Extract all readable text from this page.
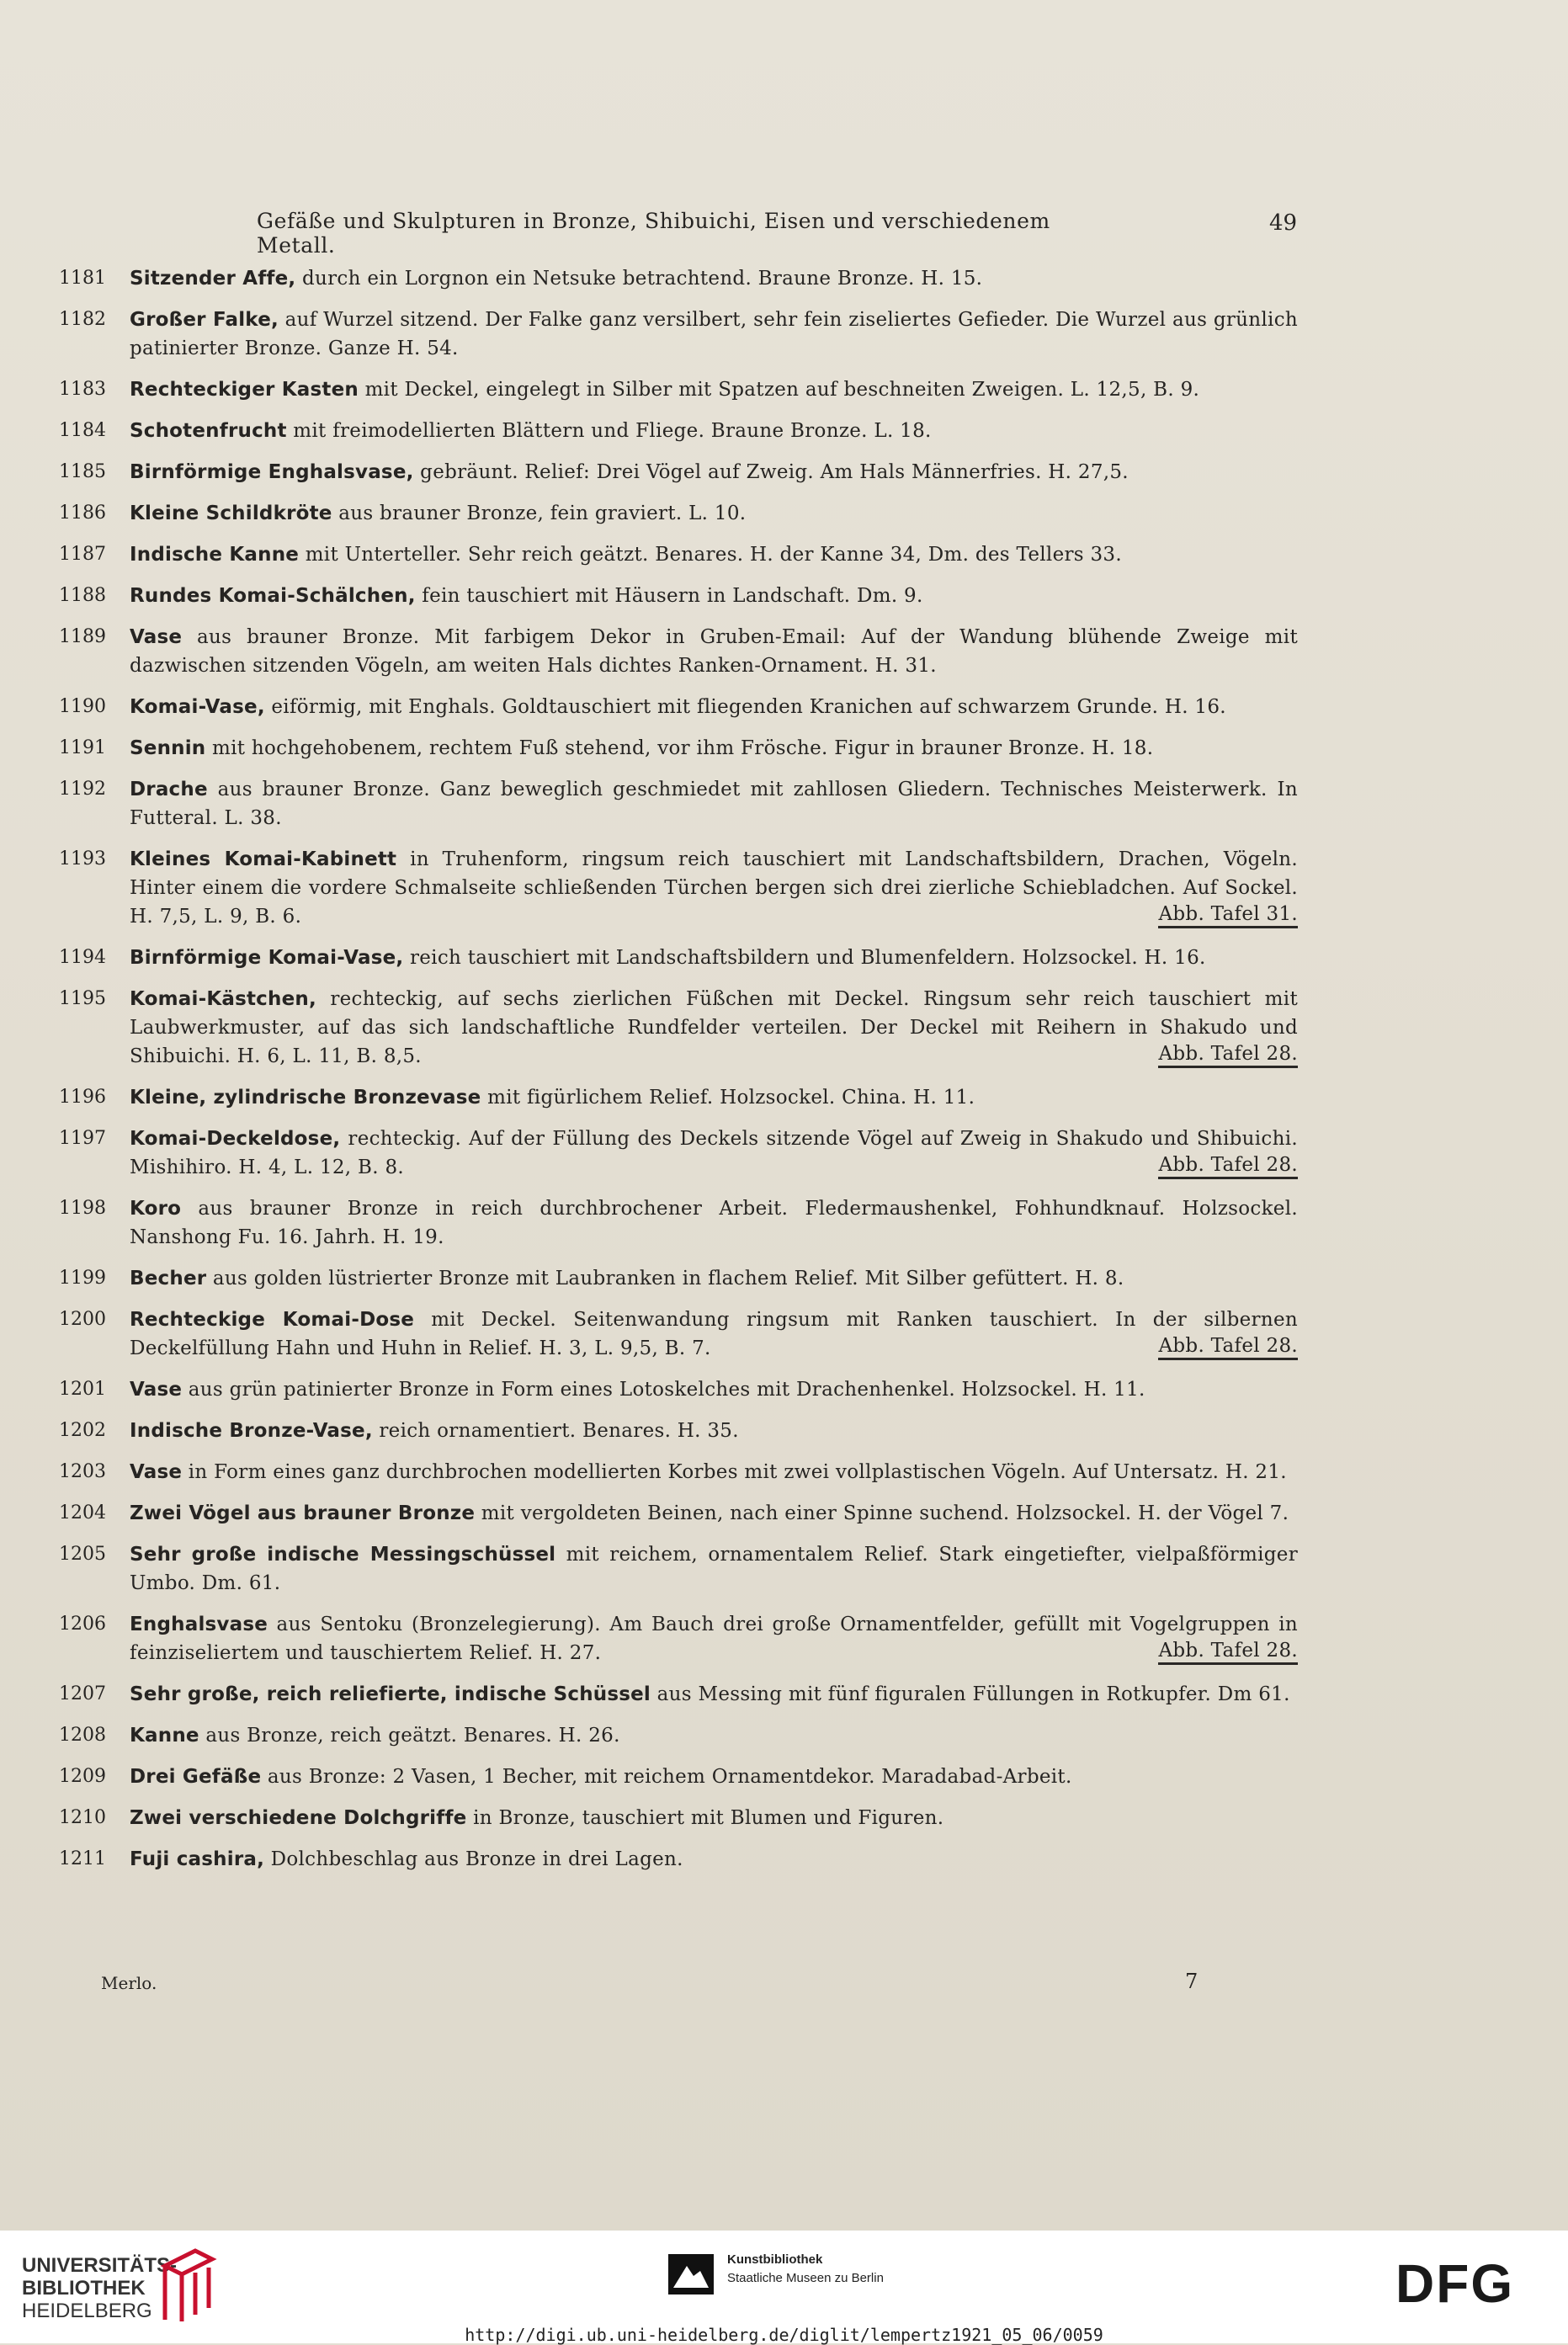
Gefäße und Skulpturen in Bronze, Shibuichi, Eisen und verschiedenem Metall.
49
1181	Sitzender Affe, durch ein Lorgnon ein Netsuke betrachtend. Braune Bronze. H. 15.
1182	Großer Falke, auf Wurzel sitzend. Der Falke ganz versilbert, sehr fein ziseliertes Gefieder. Die Wurzel aus grünlich patinierter Bronze. Ganze H. 54.
1183	Rechteckiger Kasten mit Deckel, eingelegt in Silber mit Spatzen auf beschneiten Zweigen. L. 12,5, B. 9.
1184	Schotenfrucht mit freimodellierten Blättern und Fliege. Braune Bronze. L. 18.
1185	Birnförmige Enghalsvase, gebräunt. Relief: Drei Vögel auf Zweig. Am Hals Männerfries. H. 27,5.
1186	Kleine Schildkröte aus brauner Bronze, fein graviert. L. 10.
1187	Indische Kanne mit Unterteller. Sehr reich geätzt. Benares. H. der Kanne 34, Dm. des Tellers 33.
1188	Rundes Komai-Schälchen, fein tauschiert mit Häusern in Landschaft. Dm. 9.
1189	Vase aus brauner Bronze. Mit farbigem Dekor in Gruben-Email: Auf der Wandung blühende Zweige mit dazwischen sitzenden Vögeln, am weiten Hals dichtes Ranken-Ornament. H. 31.
1190	Komai-Vase, eiförmig, mit Enghals. Goldtauschiert mit fliegenden Kranichen auf schwarzem Grunde. H. 16.
1191	Sennin mit hochgehobenem, rechtem Fuß stehend, vor ihm Frösche. Figur in brauner Bronze. H. 18.
1192	Drache aus brauner Bronze. Ganz beweglich geschmiedet mit zahllosen Gliedern. Technisches Meisterwerk. In Futteral. L. 38.
1193	Kleines Komai-Kabinett in Truhenform, ringsum reich tauschiert mit Landschaftsbildern, Drachen, Vögeln. Hinter einem die vordere Schmalseite schließenden Türchen bergen sich drei zierliche Schiebladchen. Auf Sockel. H. 7,5, L. 9, B. 6.	Abb. Tafel 31.
1194	Birnförmige Komai-Vase, reich tauschiert mit Landschaftsbildern und Blumenfeldern. Holzsockel. H. 16.
1195	Komai-Kästchen, rechteckig, auf sechs zierlichen Füßchen mit Deckel. Ringsum sehr reich tauschiert mit Laubwerkmuster, auf das sich landschaftliche Rundfelder verteilen. Der Deckel mit Reihern in Shakudo und Shibuichi. H. 6, L. 11, B. 8,5.	Abb. Tafel 28.
1196	Kleine, zylindrische Bronzevase mit figürlichem Relief. Holzsockel. China. H. 11.
1197	Komai-Deckeldose, rechteckig. Auf der Füllung des Deckels sitzende Vögel auf Zweig in Shakudo und Shibuichi. Mishihiro. H. 4, L. 12, B. 8.	Abb. Tafel 28.
1198	Koro aus brauner Bronze in reich durchbrochener Arbeit. Fledermaushenkel, Fohhundknauf. Holzsockel. Nanshong Fu. 16. Jahrh. H. 19.
1199	Becher aus golden lüstrierter Bronze mit Laubranken in flachem Relief. Mit Silber gefüttert. H. 8.
1200	Rechteckige Komai-Dose mit Deckel. Seitenwandung ringsum mit Ranken tauschiert. In der silbernen Deckelfüllung Hahn und Huhn in Relief. H. 3, L. 9,5, B. 7.	Abb. Tafel 28.
1201	Vase aus grün patinierter Bronze in Form eines Lotoskelches mit Drachenhenkel. Holzsockel. H. 11.
1202	Indische Bronze-Vase, reich ornamentiert. Benares. H. 35.
1203	Vase in Form eines ganz durchbrochen modellierten Korbes mit zwei vollplastischen Vögeln. Auf Untersatz. H. 21.
1204	Zwei Vögel aus brauner Bronze mit vergoldeten Beinen, nach einer Spinne suchend. Holzsockel. H. der Vögel 7.
1205	Sehr große indische Messingschüssel mit reichem, ornamentalem Relief. Stark eingetiefter, vielpaßförmiger Umbo. Dm. 61.
1206	Enghalsvase aus Sentoku (Bronzelegierung). Am Bauch drei große Ornamentfelder, gefüllt mit Vogelgruppen in feinziseliertem und tauschiertem Relief. H. 27.	Abb. Tafel 28.
1207	Sehr große, reich reliefierte, indische Schüssel aus Messing mit fünf figuralen Füllungen in Rotkupfer. Dm 61.
1208	Kanne aus Bronze, reich geätzt. Benares. H. 26.
1209	Drei Gefäße aus Bronze: 2 Vasen, 1 Becher, mit reichem Ornamentdekor. Maradabad-Arbeit.
1210	Zwei verschiedene Dolchgriffe in Bronze, tauschiert mit Blumen und Figuren.
1211	Fuji cashira, Dolchbeschlag aus Bronze in drei Lagen.
Merlo.	7
UNIVERSITÄTS-
BIBLIOTHEK
HEIDELBERG
Kunstbibliothek
Staatliche Museen zu Berlin	DFG
http://digi.ub.uni-heidelberg.de/diglit/lempertz1921_05_06/0059
